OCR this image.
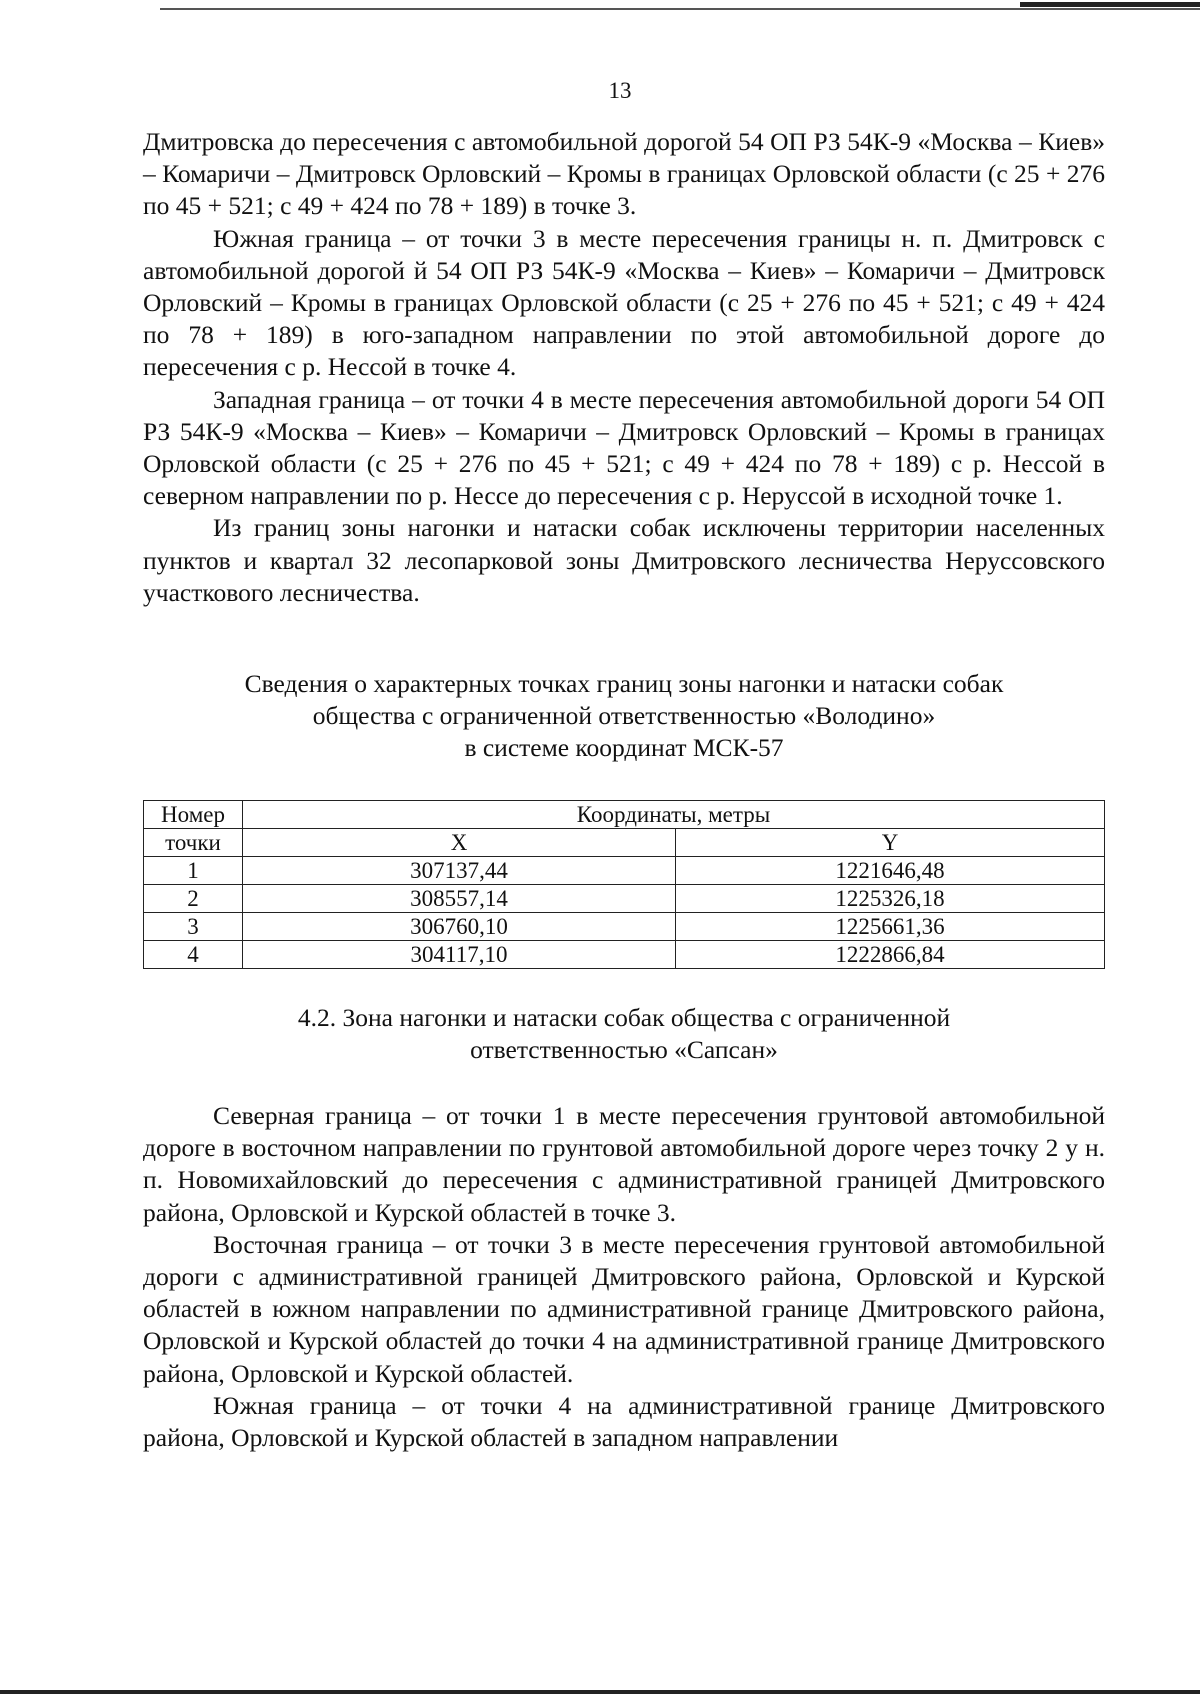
13

Дмитровска до пересечения с автомобильной дорогой 54 ОП РЗ 54К-9 «Москва – Киев» – Комаричи – Дмитровск Орловский – Кромы в границах Орловской области (с 25 + 276 по 45 + 521; с 49 + 424 по 78 + 189) в точке 3.

Южная граница – от точки 3 в месте пересечения границы н. п. Дмитровск с автомобильной дорогой й 54 ОП РЗ 54К-9 «Москва – Киев» – Комаричи – Дмитровск Орловский – Кромы в границах Орловской области (с 25 + 276 по 45 + 521; с 49 + 424 по 78 + 189) в юго-западном направлении по этой автомобильной дороге до пересечения с р. Нессой в точке 4.

Западная граница – от точки 4 в месте пересечения автомобильной дороги 54 ОП РЗ 54К-9 «Москва – Киев» – Комаричи – Дмитровск Орловский – Кромы в границах Орловской области (с 25 + 276 по 45 + 521; с 49 + 424 по 78 + 189) с р. Нессой в северном направлении по р. Нессе до пересечения с р. Неруссой в исходной точке 1.

Из границ зоны нагонки и натаски собак исключены территории населенных пунктов и квартал 32 лесопарковой зоны Дмитровского лесничества Неруссовского участкового лесничества.

Сведения о характерных точках границ зоны нагонки и натаски собак
общества с ограниченной ответственностью «Володино»
в системе координат МСК-57
Номер	Координаты, метры	
точки	X	Y
1	307137,44	1221646,48
2	308557,14	1225326,18
3	306760,10	1225661,36
4	304117,10	1222866,84
4.2. Зона нагонки и натаски собак общества с ограниченной
ответственностью «Сапсан»

Северная граница – от точки 1 в месте пересечения грунтовой автомобильной дороге в восточном направлении по грунтовой автомобильной дороге через точку 2 у н. п. Новомихайловский до пересечения с административной границей Дмитровского района, Орловской и Курской областей в точке 3.

Восточная граница – от точки 3 в месте пересечения грунтовой автомобильной дороги с административной границей Дмитровского района, Орловской и Курской областей в южном направлении по административной границе Дмитровского района, Орловской и Курской областей до точки 4 на административной границе Дмитровского района, Орловской и Курской областей.

Южная граница – от точки 4 на административной границе Дмитровского района, Орловской и Курской областей в западном направлении
